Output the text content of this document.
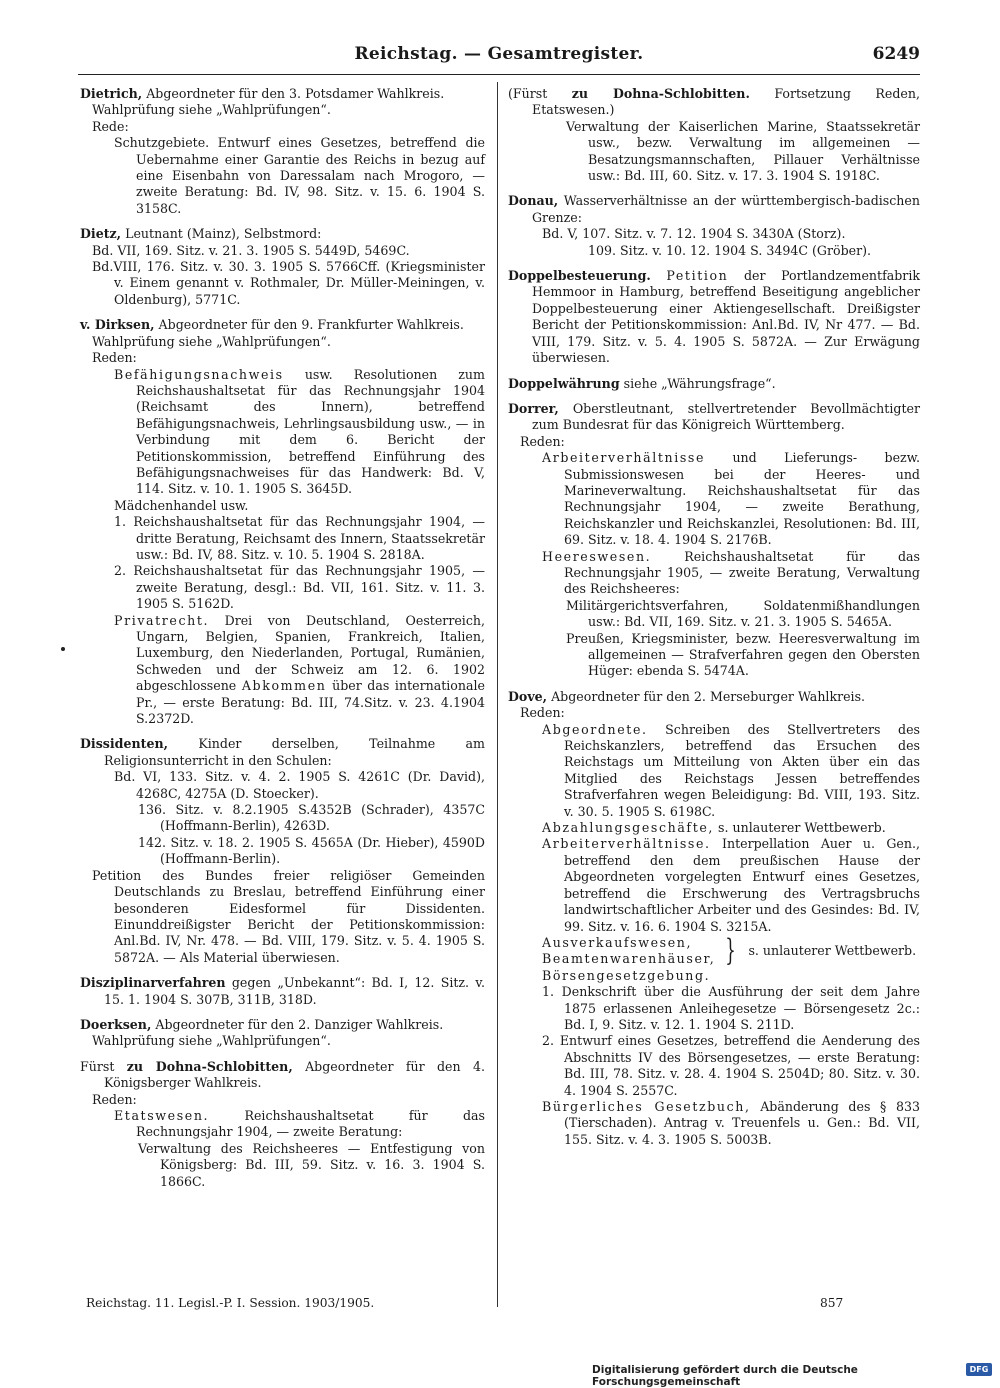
Reichstag. — Gesamtregister.	6249

Dietrich, Abgeordneter für den 3. Potsdamer Wahlkreis.

Wahlprüfung siehe „Wahlprüfungen“.

Rede:

Schutzgebiete. Entwurf eines Gesetzes, betreffend die Uebernahme einer Garantie des Reichs in bezug auf eine Eisenbahn von Daressalam nach Mrogoro, — zweite Beratung: Bd. IV, 98. Sitz. v. 15. 6. 1904 S. 3158C.

Dietz, Leutnant (Mainz), Selbstmord:

Bd. VII, 169. Sitz. v. 21. 3. 1905 S. 5449D, 5469C.

Bd.VIII, 176. Sitz. v. 30. 3. 1905 S. 5766Cff. (Kriegsminister v. Einem genannt v. Rothmaler, Dr. Müller-Meiningen, v. Oldenburg), 5771C.

v. Dirksen, Abgeordneter für den 9. Frankfurter Wahlkreis.

Wahlprüfung siehe „Wahlprüfungen“.

Reden:

Befähigungsnachweis usw. Resolutionen zum Reichshaushaltsetat für das Rechnungsjahr 1904 (Reichsamt des Innern), betreffend Befähigungsnachweis, Lehrlingsausbildung usw., — in Verbindung mit dem 6. Bericht der Petitionskommission, betreffend Einführung des Befähigungsnachweises für das Handwerk: Bd. V, 114. Sitz. v. 10. 1. 1905 S. 3645D.

Mädchenhandel usw.

1. Reichshaushaltsetat für das Rechnungsjahr 1904, — dritte Beratung, Reichsamt des Innern, Staatssekretär usw.: Bd. IV, 88. Sitz. v. 10. 5. 1904 S. 2818A.

2. Reichshaushaltsetat für das Rechnungsjahr 1905, — zweite Beratung, desgl.: Bd. VII, 161. Sitz. v. 11. 3. 1905 S. 5162D.

Privatrecht. Drei von Deutschland, Oesterreich, Ungarn, Belgien, Spanien, Frankreich, Italien, Luxemburg, den Niederlanden, Portugal, Rumänien, Schweden und der Schweiz am 12. 6. 1902 abgeschlossene Abkommen über das internationale Pr., — erste Beratung: Bd. III, 74.Sitz. v. 23. 4.1904 S.2372D.

Dissidenten, Kinder derselben, Teilnahme am Religionsunterricht in den Schulen:

Bd. VI, 133. Sitz. v. 4. 2. 1905 S. 4261C (Dr. David), 4268C, 4275A (D. Stoecker).

136. Sitz. v. 8.2.1905 S.4352B (Schrader), 4357C (Hoffmann-Berlin), 4263D.

142. Sitz. v. 18. 2. 1905 S. 4565A (Dr. Hieber), 4590D (Hoffmann-Berlin).

Petition des Bundes freier religiöser Gemeinden Deutschlands zu Breslau, betreffend Einführung einer besonderen Eidesformel für Dissidenten. Einunddreißigster Bericht der Petitionskommission: Anl.Bd. IV, Nr. 478. — Bd. VIII, 179. Sitz. v. 5. 4. 1905 S. 5872A. — Als Material überwiesen.

Disziplinarverfahren gegen „Unbekannt“: Bd. I, 12. Sitz. v. 15. 1. 1904 S. 307B, 311B, 318D.

Doerksen, Abgeordneter für den 2. Danziger Wahlkreis.

Wahlprüfung siehe „Wahlprüfungen“.

Fürst zu Dohna-Schlobitten, Abgeordneter für den 4. Königsberger Wahlkreis.

Reden:

Etatswesen.	Reichshaushaltsetat für das Rechnungsjahr 1904, — zweite Beratung:

Verwaltung des Reichsheeres — Entfestigung von Königsberg: Bd. III, 59. Sitz. v. 16. 3. 1904 S. 1866C.

(Fürst zu Dohna-Schlobitten. Fortsetzung Reden, Etatswesen.)

Verwaltung der Kaiserlichen Marine, Staatssekretär usw., bezw. Verwaltung im allgemeinen — Besatzungsmannschaften, Pillauer Verhältnisse usw.: Bd. III, 60. Sitz. v. 17. 3. 1904 S. 1918C.

Donau, Wasserverhältnisse an der württembergisch-badischen Grenze:

Bd. V, 107. Sitz. v. 7. 12. 1904 S. 3430A (Storz).

109. Sitz. v. 10. 12. 1904 S. 3494C (Gröber).

Doppelbesteuerung. Petition der Portlandzementfabrik Hemmoor in Hamburg, betreffend Beseitigung angeblicher Doppelbesteuerung einer Aktiengesellschaft. Dreißigster Bericht der Petitionskommission: Anl.Bd. IV, Nr 477. — Bd. VIII, 179. Sitz. v. 5. 4. 1905 S. 5872A. — Zur Erwägung überwiesen.

Doppelwährung siehe „Währungsfrage“.

Dorrer, Oberstleutnant, stellvertretender Bevollmächtigter zum Bundesrat für das Königreich Württemberg.

Reden:

Arbeiterverhältnisse und Lieferungs- bezw. Submissionswesen bei der Heeres- und Marineverwaltung. Reichshaushaltsetat für das Rechnungsjahr 1904, — zweite Berathung, Reichskanzler und Reichskanzlei, Resolutionen: Bd. III, 69. Sitz. v. 18. 4. 1904 S. 2176B.

Heereswesen.	Reichshaushaltsetat für das Rechnungsjahr 1905, — zweite Beratung, Verwaltung des Reichsheeres:

Militärgerichtsverfahren, Soldatenmißhandlungen usw.: Bd. VII, 169. Sitz. v. 21. 3. 1905 S. 5465A.

Preußen, Kriegsminister, bezw. Heeresverwaltung im allgemeinen — Strafverfahren gegen den Obersten Hüger: ebenda S. 5474A.

Dove, Abgeordneter für den 2. Merseburger Wahlkreis.

Reden:

Abgeordnete. Schreiben des Stellvertreters des Reichskanzlers, betreffend das Ersuchen des Reichstags um Mitteilung von Akten über ein das Mitglied des Reichstags Jessen betreffendes Strafverfahren wegen Beleidigung: Bd. VIII, 193. Sitz. v. 30. 5. 1905 S. 6198C.

Abzahlungsgeschäfte, s. unlauterer Wettbewerb.

Arbeiterverhältnisse. Interpellation Auer u. Gen., betreffend den dem preußischen Hause der Abgeordneten vorgelegten Entwurf eines Gesetzes, betreffend die Erschwerung des Vertragsbruchs landwirtschaftlicher Arbeiter und des Gesindes: Bd. IV, 99. Sitz. v. 16. 6. 1904 S. 3215A.

Ausverkaufswesen,
Beamtenwarenhäuser, } s. unlauterer Wettbewerb.

Börsengesetzgebung.

1. Denkschrift über die Ausführung der seit dem Jahre 1875 erlassenen Anleihegesetze — Börsengesetz 2c.: Bd. I, 9. Sitz. v. 12. 1. 1904 S. 211D.

2. Entwurf eines Gesetzes, betreffend die Aenderung des Abschnitts IV des Börsengesetzes, — erste Beratung: Bd. III, 78. Sitz. v. 28. 4. 1904 S. 2504D; 80. Sitz. v. 30. 4. 1904 S. 2557C.

Bürgerliches Gesetzbuch, Abänderung des § 833 (Tierschaden). Antrag v. Treuenfels u. Gen.: Bd. VII, 155. Sitz. v. 4. 3. 1905 S. 5003B.

Reichstag. 11. Legisl.-P. I. Session. 1903/1905.	857
Digitalisierung gefördert durch die Deutsche Forschungsgemeinschaft
DFG
